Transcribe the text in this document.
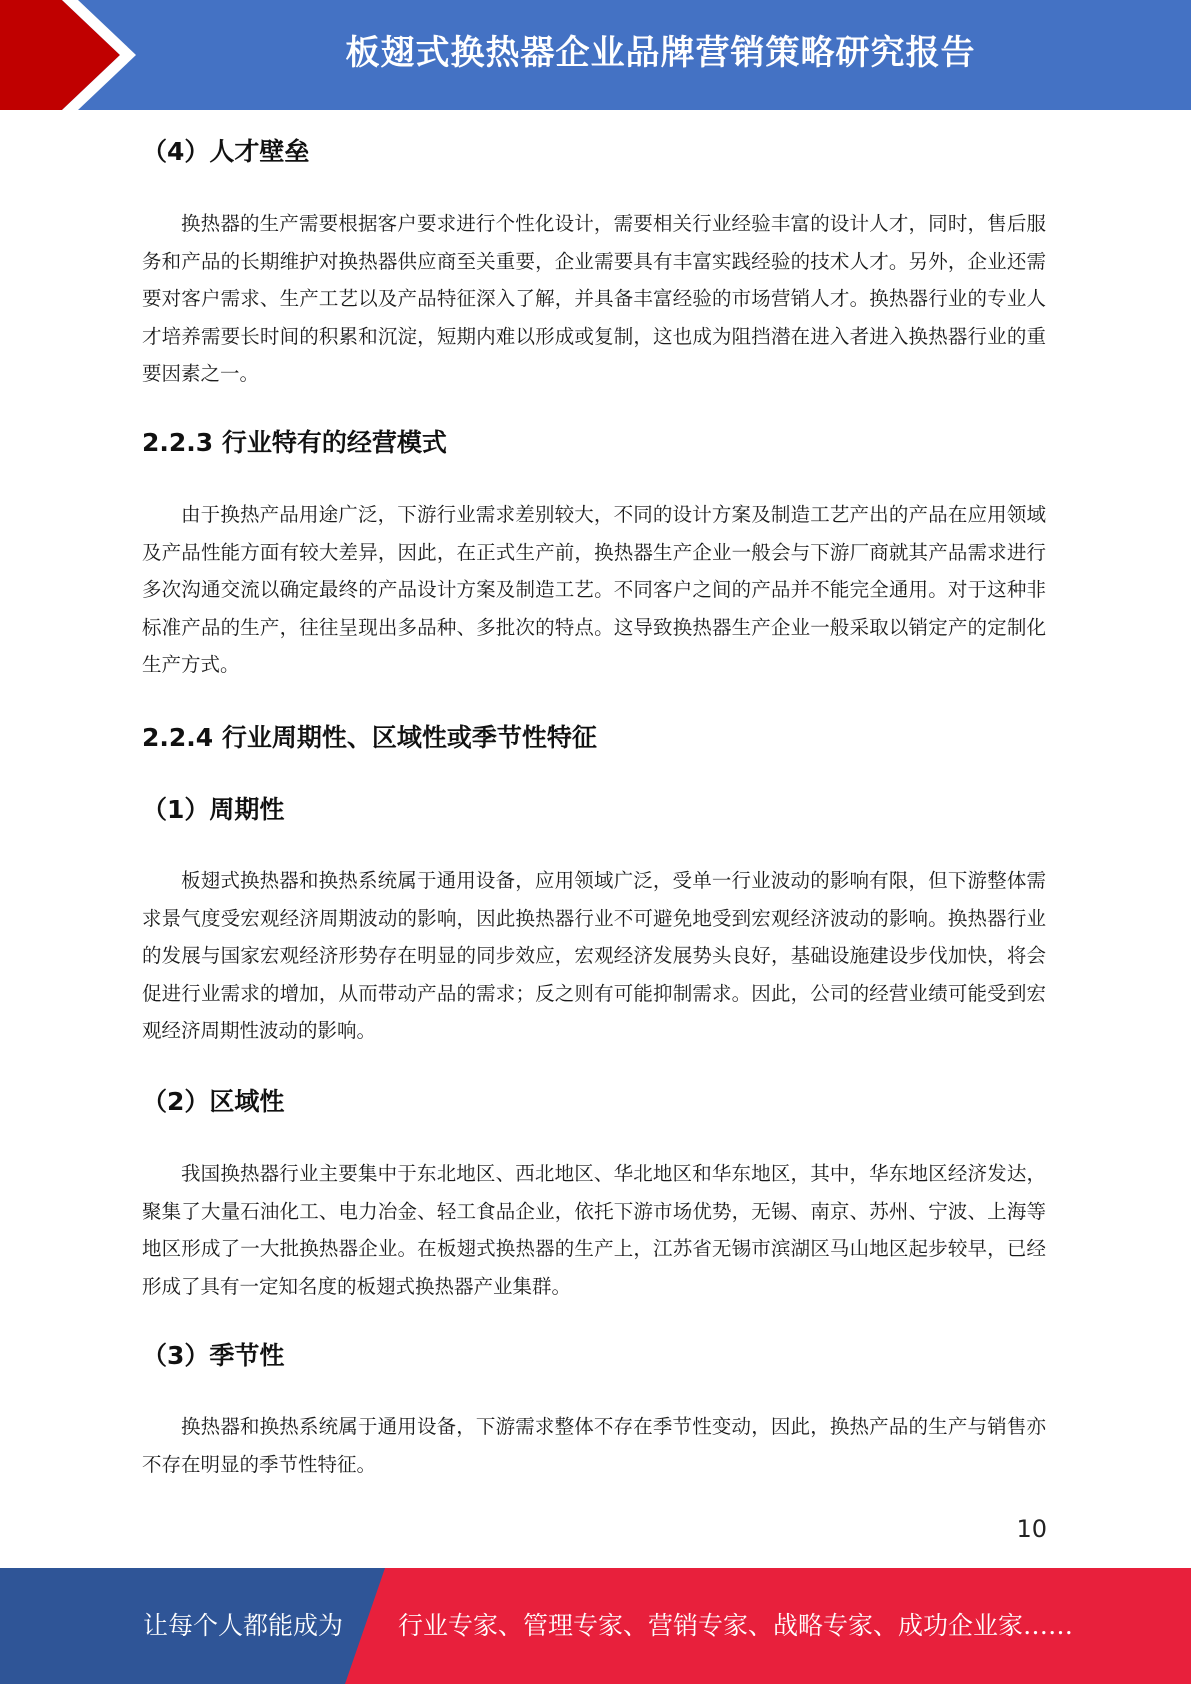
板翅式换热器企业品牌营销策略研究报告
（4）人才壁垒

换热器的生产需要根据客户要求进行个性化设计，需要相关行业经验丰富的设计人才，同时，售后服务和产品的长期维护对换热器供应商至关重要，企业需要具有丰富实践经验的技术人才。另外，企业还需要对客户需求、生产工艺以及产品特征深入了解，并具备丰富经验的市场营销人才。换热器行业的专业人才培养需要长时间的积累和沉淀，短期内难以形成或复制，这也成为阻挡潜在进入者进入换热器行业的重要因素之一。

2.2.3 行业特有的经营模式

由于换热产品用途广泛，下游行业需求差别较大，不同的设计方案及制造工艺产出的产品在应用领域及产品性能方面有较大差异，因此，在正式生产前，换热器生产企业一般会与下游厂商就其产品需求进行多次沟通交流以确定最终的产品设计方案及制造工艺。不同客户之间的产品并不能完全通用。对于这种非标准产品的生产，往往呈现出多品种、多批次的特点。这导致换热器生产企业一般采取以销定产的定制化生产方式。

2.2.4 行业周期性、区域性或季节性特征
（1）周期性

板翅式换热器和换热系统属于通用设备，应用领域广泛，受单一行业波动的影响有限，但下游整体需求景气度受宏观经济周期波动的影响，因此换热器行业不可避免地受到宏观经济波动的影响。换热器行业的发展与国家宏观经济形势存在明显的同步效应，宏观经济发展势头良好，基础设施建设步伐加快，将会促进行业需求的增加，从而带动产品的需求；反之则有可能抑制需求。因此，公司的经营业绩可能受到宏观经济周期性波动的影响。

（2）区域性

我国换热器行业主要集中于东北地区、西北地区、华北地区和华东地区，其中，华东地区经济发达，聚集了大量石油化工、电力冶金、轻工食品企业，依托下游市场优势，无锡、南京、苏州、宁波、上海等地区形成了一大批换热器企业。在板翅式换热器的生产上，江苏省无锡市滨湖区马山地区起步较早，已经形成了具有一定知名度的板翅式换热器产业集群。

（3）季节性

换热器和换热系统属于通用设备，下游需求整体不存在季节性变动，因此，换热产品的生产与销售亦不存在明显的季节性特征。

10
让每个人都能成为 行业专家、管理专家、营销专家、战略专家、成功企业家……
